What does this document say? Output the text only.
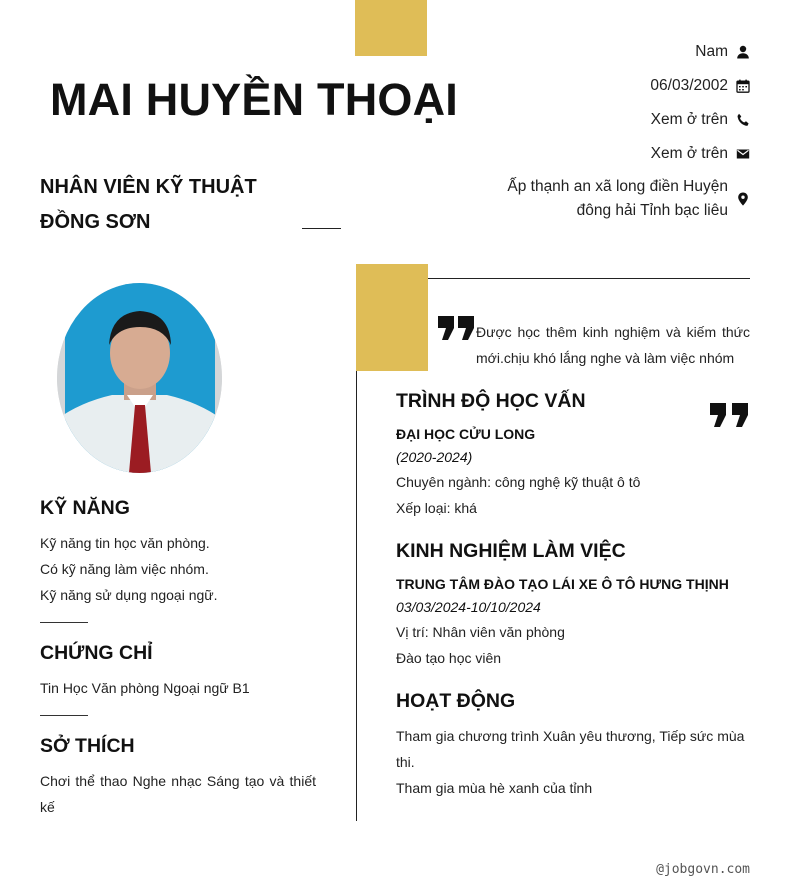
MAI HUYỀN THOẠI
NHÂN VIÊN KỸ THUẬT ĐỒNG SƠN
Nam
06/03/2002
Xem ở trên
Xem ở trên
Ấp thạnh an xã long điền Huyện đông hải Tỉnh bạc liêu
KỸ NĂNG
Kỹ năng tin học văn phòng.
Có kỹ năng làm việc nhóm.
Kỹ năng sử dụng ngoại ngữ.
CHỨNG CHỈ
Tin Học Văn phòng Ngoại ngữ B1
SỞ THÍCH
Chơi thể thao Nghe nhạc Sáng tạo và thiết kế
Được học thêm kinh nghiệm và kiếm thức mới.chịu khó lắng nghe và làm việc nhóm
TRÌNH ĐỘ HỌC VẤN
ĐẠI HỌC CỬU LONG
(2020-2024)
Chuyên ngành: công nghệ kỹ thuật ô tô
Xếp loại: khá
KINH NGHIỆM LÀM VIỆC
TRUNG TÂM ĐÀO TẠO LÁI XE Ô TÔ HƯNG THỊNH
03/03/2024-10/10/2024
Vị trí: Nhân viên văn phòng
Đào tạo học viên
HOẠT ĐỘNG
Tham gia chương trình Xuân yêu thương, Tiếp sức mùa thi.
Tham gia mùa hè xanh của tỉnh
@jobgovn.com
